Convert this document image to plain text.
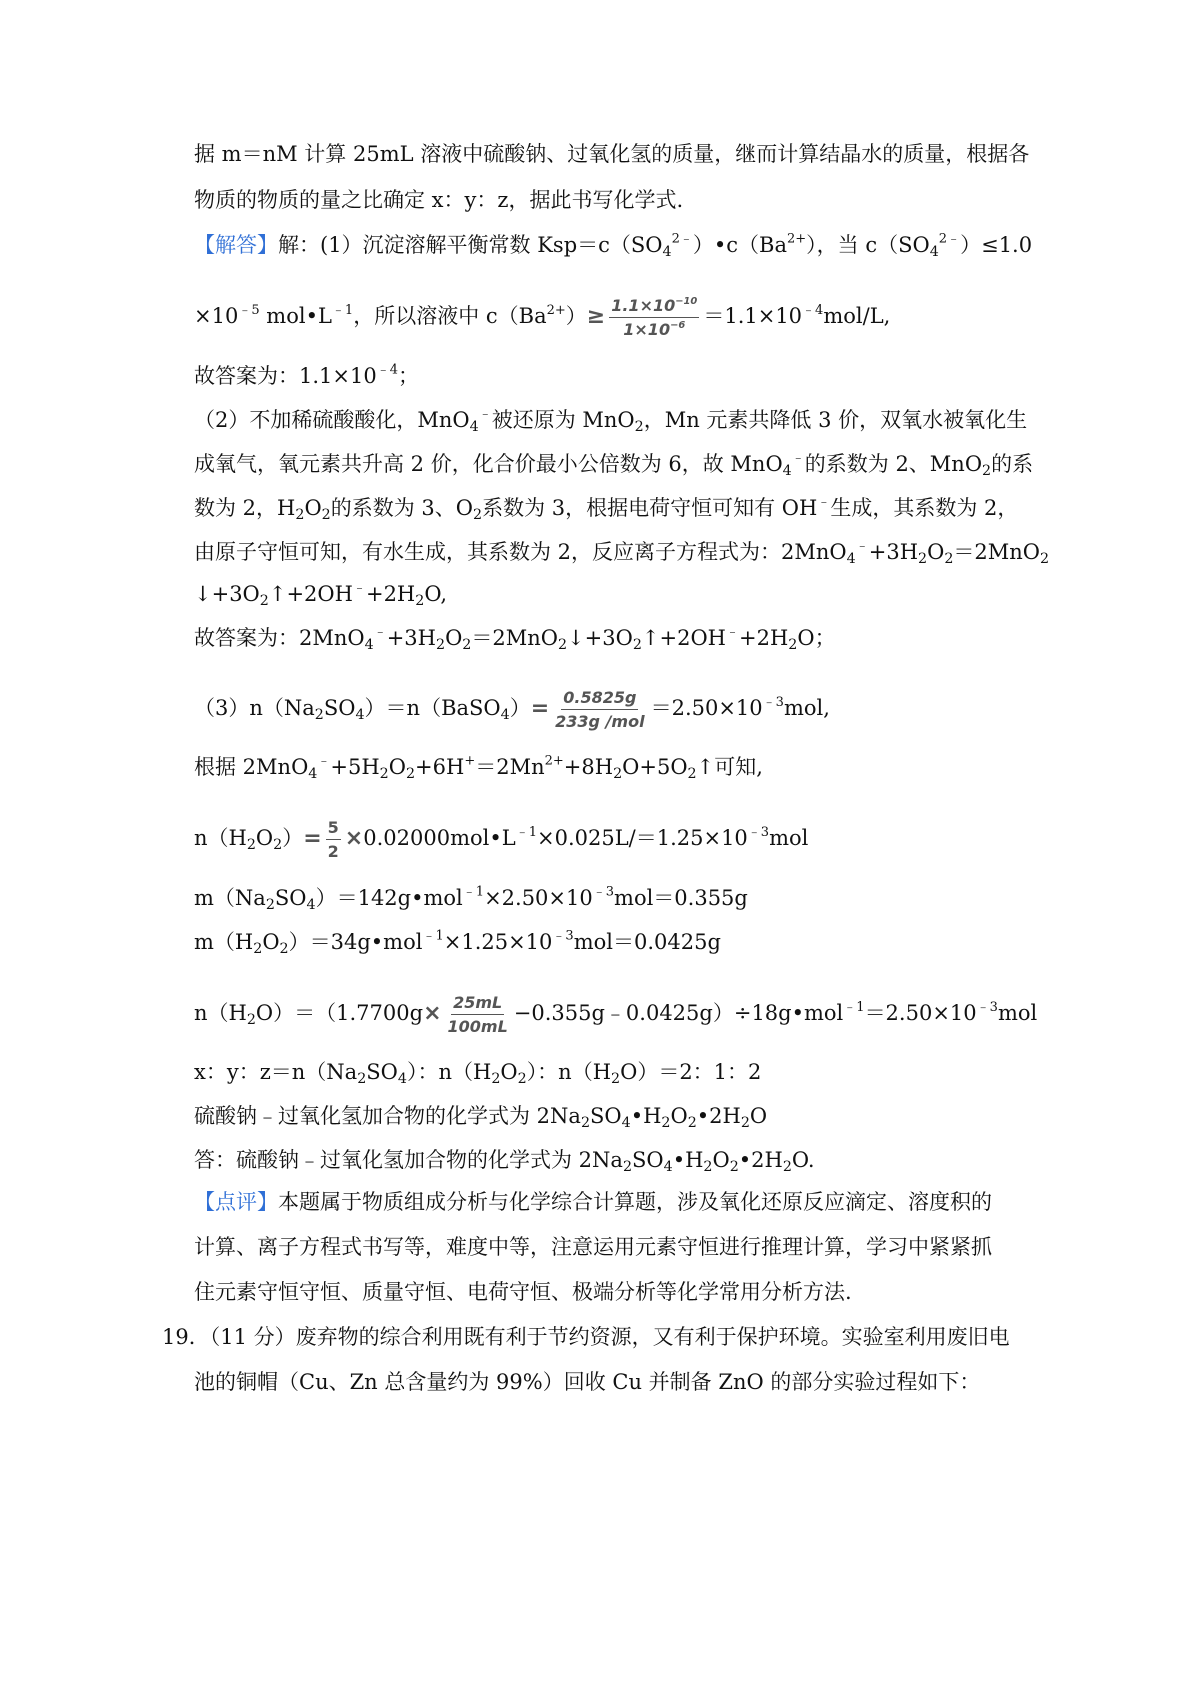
据 m＝nM 计算 25mL 溶液中硫酸钠、过氧化氢的质量，继而计算结晶水的质量，根据各
物质的物质的量之比确定 x：y：z，据此书写化学式.
【解答】解：(1）沉淀溶解平衡常数 $Ksp=c(SO_4^{2﹣})•c(Ba^{2+})$，当 $c(SO_4^{2﹣})\le 1.0$
$\times 10^{﹣5}$ $mol•L^{﹣1}$，所以溶液中 $c(Ba^{2+})\ge \frac{1.1\times 10^{-10}}{1\times 10^{-6}} =1.1\times 10^{﹣4}mol/L$,
故答案为：$1.1\times 10^{﹣4}$；
（2）不加稀硫酸酸化，MnO$_4$﹣被还原为 MnO$_2$，Mn 元素共降低 3 价，双氧水被氧化生
成氧气，氧元素共升高 2 价，化合价最小公倍数为 6，故 MnO$_4$﹣的系数为 2、MnO$_2$的系
数为 2，$H_2O_2$的系数为 3、$O_2$系数为 3，根据电荷守恒可知有 OH﹣生成，其系数为 2，
由原子守恒可知，有水生成，其系数为 2，反应离子方程式为：$2MnO_4^﹣+3H_2O_2=2MnO_2$
$↓+3O_2↑+2OH^﹣+2H_2O$,
故答案为：$2MnO_4^﹣+3H_2O_2=2MnO_2↓+3O_2↑+2OH^﹣+2H_2O$；
$(3)n(Na_2SO_4)=n(BaSO_4)= \frac{0.5825g}{\text{233g /mol}} =2.50\times 10^{﹣3}mol$,
根据 $2MnO_4^﹣+5H_2O_2+6H^+=2Mn^{2+}+8H_2O+5O_2↑$可知,
$n(H_2O_2)= \frac{5}{2}$ $\times 0.02000mol•L^{﹣1}\times 0.025L/=1.25\times 10^{﹣3}mol$
$m(Na_2SO_4)=142g•mol^{﹣1}\times 2.50\times 10^{﹣3}mol=0.355g$
$m(H_2O_2)=34g•mol^{﹣1}\times 1.25\times 10^{﹣3}mol=0.0425g$
$n(H_2O)=(1.7700g\times \frac{25mL}{100mL}$ $-0.355g﹣0.0425g)\div 18g•mol^{﹣1}=2.50\times 10^{﹣3}mol$
x：y：$z=n(Na_2SO_4)$：$n(H_2O_2)$：$n(H_2O)=2$：1：2
硫酸钠﹣过氧化氢加合物的化学式为 $2Na_2SO_4•H_2O_2•2H_2O$
答：硫酸钠﹣过氧化氢加合物的化学式为 $2Na_2SO_4•H_2O_2•2H_2O$.
【点评】本题属于物质组成分析与化学综合计算题，涉及氧化还原反应滴定、溶度积的
计算、离子方程式书写等，难度中等，注意运用元素守恒进行推理计算，学习中紧紧抓
住元素守恒守恒、质量守恒、电荷守恒、极端分析等化学常用分析方法.
19．（11 分）废弃物的综合利用既有利于节约资源，又有利于保护环境。实验室利用废旧电
池的铜帽（Cu、Zn 总含量约为 99%）回收 Cu 并制备 ZnO 的部分实验过程如下：
